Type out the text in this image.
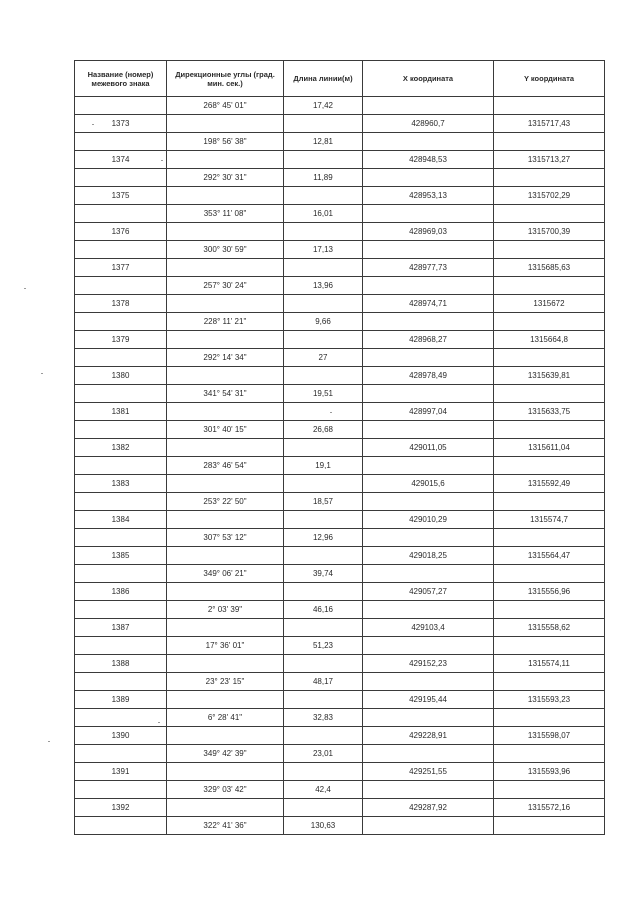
Название (номер) межевого знака	Дирекционные углы (град. мин. сек.)	Длина линии(м)	X координата	Y координата
	268° 45' 01"	17,42		
1373			428960,7	1315717,43
	198° 56' 38"	12,81		
1374			428948,53	1315713,27
	292° 30' 31"	11,89		
1375			428953,13	1315702,29
	353° 11' 08"	16,01		
1376			428969,03	1315700,39
	300° 30' 59"	17,13		
1377			428977,73	1315685,63
	257° 30' 24"	13,96		
1378			428974,71	1315672
	228° 11' 21"	9,66		
1379			428968,27	1315664,8
	292° 14' 34"	27		
1380			428978,49	1315639,81
	341° 54' 31"	19,51		
1381			428997,04	1315633,75
	301° 40' 15"	26,68		
1382			429011,05	1315611,04
	283° 46' 54"	19,1		
1383			429015,6	1315592,49
	253° 22' 50"	18,57		
1384			429010,29	1315574,7
	307° 53' 12"	12,96		
1385			429018,25	1315564,47
	349° 06' 21"	39,74		
1386			429057,27	1315556,96
	2° 03' 39"	46,16		
1387			429103,4	1315558,62
	17° 36' 01"	51,23		
1388			429152,23	1315574,11
	23° 23' 15"	48,17		
1389			429195,44	1315593,23
	6° 28' 41"	32,83		
1390			429228,91	1315598,07
	349° 42' 39"	23,01		
1391			429251,55	1315593,96
	329° 03' 42"	42,4		
1392			429287,92	1315572,16
	322° 41' 36"	130,63		
